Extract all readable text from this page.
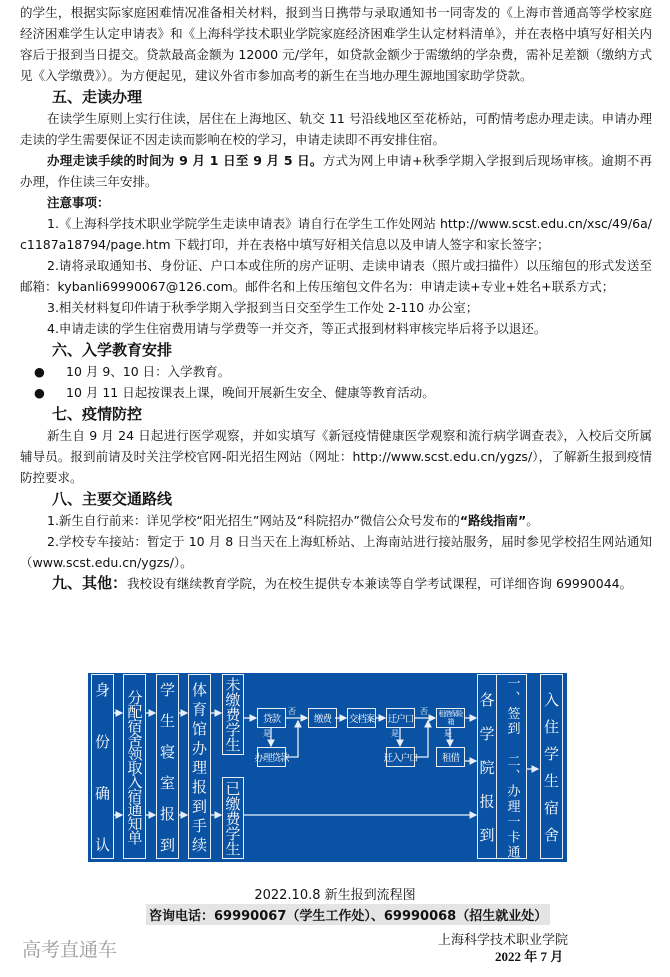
的学生，根据实际家庭困难情况准备相关材料，报到当日携带与录取通知书一同寄发的《上海市普通高等学校家庭经济困难学生认定申请表》和《上海科学技术职业学院家庭经济困难学生认定材料清单》，并在表格中填写好相关内容后于报到当日提交。贷款最高金额为 12000 元/学年，如贷款金额少于需缴纳的学杂费，需补足差额（缴纳方式见《入学缴费》）。为方便起见，建议外省市参加高考的新生在当地办理生源地国家助学贷款。

五、走读办理

在读学生原则上实行住读，居住在上海地区、轨交 11 号沿线地区至花桥站，可酌情考虑办理走读。申请办理走读的学生需要保证不因走读而影响在校的学习，申请走读即不再安排住宿。

办理走读手续的时间为 9 月 1 日至 9 月 5 日。方式为网上申请+秋季学期入学报到后现场审核。逾期不再办理，作住读三年安排。

注意事项：

1.《上海科学技术职业学院学生走读申请表》请自行在学生工作处网站 http://www.scst.edu.cn/xsc/49/6a/c1187a18794/page.htm 下载打印，并在表格中填写好相关信息以及申请人签字和家长签字；

2.请将录取通知书、身份证、户口本或住所的房产证明、走读申请表（照片或扫描件）以压缩包的形式发送至邮箱：kybanli69990067@126.com。邮件名和上传压缩包文件名为：申请走读+专业+姓名+联系方式；

3.相关材料复印件请于秋季学期入学报到当日交至学生工作处 2-110 办公室；

4.申请走读的学生住宿费用请与学费等一并交齐，等正式报到材料审核完毕后将予以退还。

六、入学教育安排

●	10 月 9、10 日：入学教育。

●	10 月 11 日起按课表上课，晚间开展新生安全、健康等教育活动。

七、疫情防控

新生自 9 月 24 日起进行医学观察，并如实填写《新冠疫情健康医学观察和流行病学调查表》，入校后交所属辅导员。报到前请及时关注学校官网-阳光招生网站（网址：http://www.scst.edu.cn/ygzs/），了解新生报到疫情防控要求。

八、主要交通路线

1.新生自行前来：详见学校“阳光招生”网站及“科院招办”微信公众号发布的“路线指南”。

2.学校专车接站：暂定于 10 月 8 日当天在上海虹桥站、上海南站进行接站服务，届时参见学校招生网站通知（www.scst.edu.cn/ygzs/）。

九、其他：我校设有继续教育学院，为在校生提供专本兼读等自学考试课程，可详细咨询 69990044。

身份确认 分配宿舍领取入宿通知单 学生寝室报到 体育馆办理报到手续 未缴费学生
已缴费学生
贷款
办理贷款
缴费	交档案 迁户口
迁入户口
租借保险箱
租借
是
否
是
否
是 各学院报到 一、签到 二、办理一卡通 入住学生宿舍
2022.10.8 新生报到流程图
咨询电话：69990067（学生工作处）、69990068（招生就业处）
上海科学技术职业学院
高考直通车	2022 年 7 月
